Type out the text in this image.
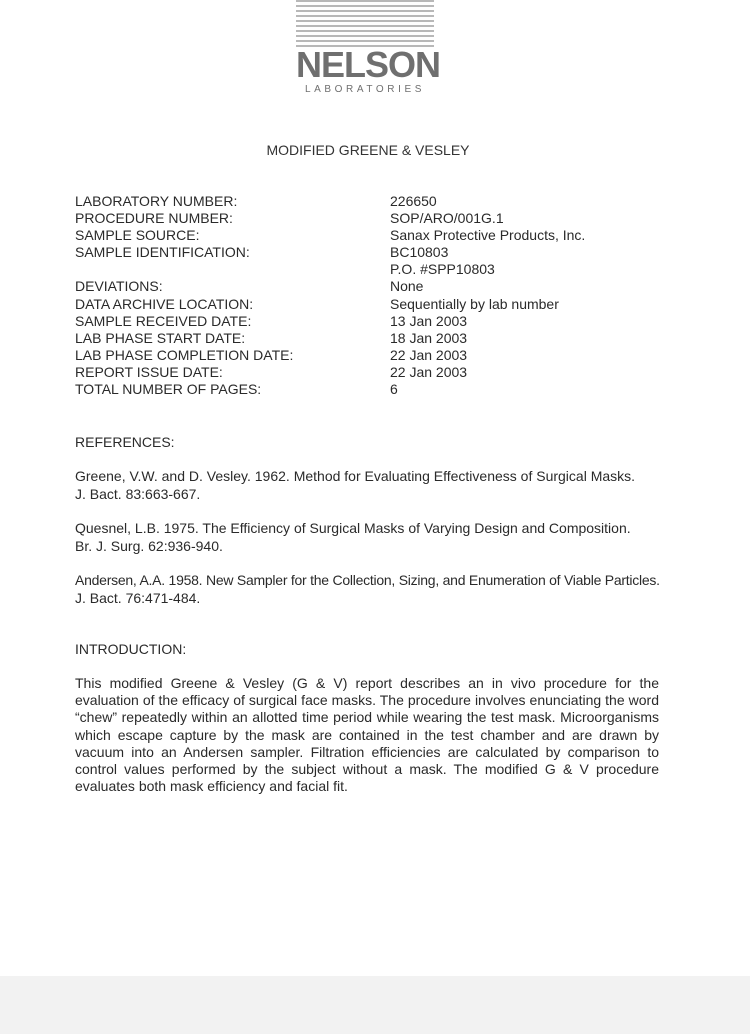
NELSON
LABORATORIES
MODIFIED GREENE & VESLEY
LABORATORY NUMBER:	226650
PROCEDURE NUMBER:	SOP/ARO/001G.1
SAMPLE SOURCE:	Sanax Protective Products, Inc.
SAMPLE IDENTIFICATION:	BC10803
P.O. #SPP10803
DEVIATIONS:	None
DATA ARCHIVE LOCATION:	Sequentially by lab number
SAMPLE RECEIVED DATE:	13 Jan 2003
LAB PHASE START DATE:	18 Jan 2003
LAB PHASE COMPLETION DATE:	22 Jan 2003
REPORT ISSUE DATE:	22 Jan 2003
TOTAL NUMBER OF PAGES:	6
REFERENCES:
Greene, V.W. and D. Vesley. 1962. Method for Evaluating Effectiveness of Surgical Masks.
J. Bact. 83:663-667.
Quesnel, L.B. 1975. The Efficiency of Surgical Masks of Varying Design and Composition.
Br. J. Surg. 62:936-940.
Andersen, A.A. 1958. New Sampler for the Collection, Sizing, and Enumeration of Viable Particles.
J. Bact. 76:471-484.
INTRODUCTION:
This modified Greene & Vesley (G & V) report describes an in vivo procedure for the evaluation of the efficacy of surgical face masks. The procedure involves enunciating the word “chew” repeatedly within an allotted time period while wearing the test mask. Microorganisms which escape capture by the mask are contained in the test chamber and are drawn by vacuum into an Andersen sampler. Filtration efficiencies are calculated by comparison to control values performed by the subject without a mask. The modified G & V procedure evaluates both mask efficiency and facial fit.
